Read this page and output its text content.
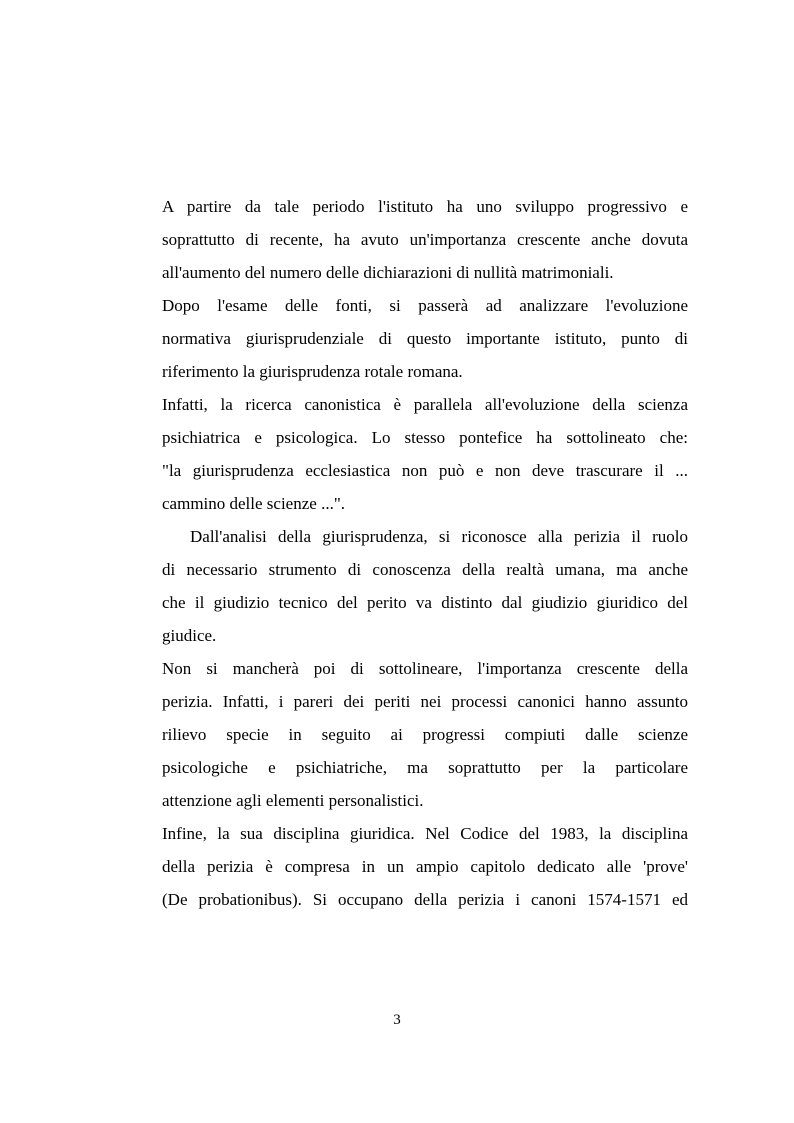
A partire da tale periodo l'istituto ha uno sviluppo progressivo e
soprattutto di recente, ha avuto un'importanza crescente anche dovuta
all'aumento del numero delle dichiarazioni di nullità matrimoniali.
Dopo l'esame delle fonti, si passerà ad analizzare l'evoluzione
normativa giurisprudenziale di questo importante istituto, punto di
riferimento la giurisprudenza rotale romana.
Infatti, la ricerca canonistica è parallela all'evoluzione della scienza
psichiatrica e psicologica. Lo stesso pontefice ha sottolineato che:
"la giurisprudenza ecclesiastica non può e non deve trascurare il ...
cammino delle scienze ...".
Dall'analisi della giurisprudenza, si riconosce alla perizia il ruolo
di necessario strumento di conoscenza della realtà umana, ma anche
che il giudizio tecnico del perito va distinto dal giudizio giuridico del
giudice.
Non si mancherà poi di sottolineare, l'importanza crescente della
perizia. Infatti, i pareri dei periti nei processi canonici hanno assunto
rilievo specie in seguito ai progressi compiuti dalle scienze
psicologiche e psichiatriche, ma soprattutto per la particolare
attenzione agli elementi personalistici.
Infine, la sua disciplina giuridica. Nel Codice del 1983, la disciplina
della perizia è compresa in un ampio capitolo dedicato alle 'prove'
(De probationibus). Si occupano della perizia i canoni 1574-1571 ed
3
